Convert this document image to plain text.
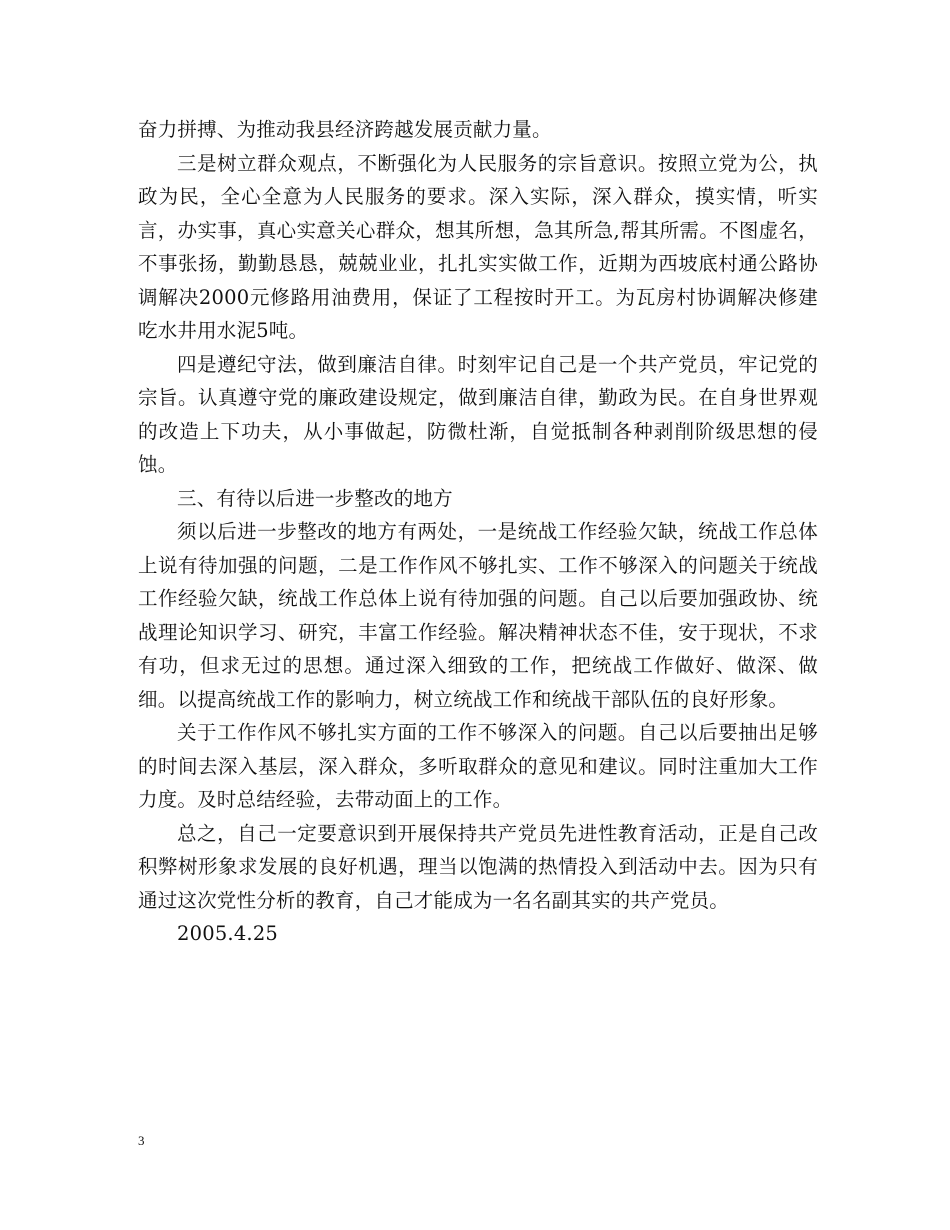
奋力拼搏、为推动我县经济跨越发展贡献力量。

三是树立群众观点，不断强化为人民服务的宗旨意识。按照立党为公，执政为民，全心全意为人民服务的要求。深入实际，深入群众，摸实情，听实言，办实事，真心实意关心群众，想其所想，急其所急,帮其所需。不图虚名，不事张扬，勤勤恳恳，兢兢业业，扎扎实实做工作，近期为西坡底村通公路协调解决2000元修路用油费用，保证了工程按时开工。为瓦房村协调解决修建吃水井用水泥5吨。

四是遵纪守法，做到廉洁自律。时刻牢记自己是一个共产党员，牢记党的宗旨。认真遵守党的廉政建设规定，做到廉洁自律，勤政为民。在自身世界观的改造上下功夫，从小事做起，防微杜渐，自觉抵制各种剥削阶级思想的侵蚀。

三、有待以后进一步整改的地方

须以后进一步整改的地方有两处，一是统战工作经验欠缺，统战工作总体上说有待加强的问题，二是工作作风不够扎实、工作不够深入的问题关于统战工作经验欠缺，统战工作总体上说有待加强的问题。自己以后要加强政协、统战理论知识学习、研究，丰富工作经验。解决精神状态不佳，安于现状，不求有功，但求无过的思想。通过深入细致的工作，把统战工作做好、做深、做细。以提高统战工作的影响力，树立统战工作和统战干部队伍的良好形象。

关于工作作风不够扎实方面的工作不够深入的问题。自己以后要抽出足够的时间去深入基层，深入群众，多听取群众的意见和建议。同时注重加大工作力度。及时总结经验，去带动面上的工作。

总之，自己一定要意识到开展保持共产党员先进性教育活动，正是自己改积弊树形象求发展的良好机遇，理当以饱满的热情投入到活动中去。因为只有通过这次党性分析的教育，自己才能成为一名名副其实的共产党员。

2005.4.25

3
